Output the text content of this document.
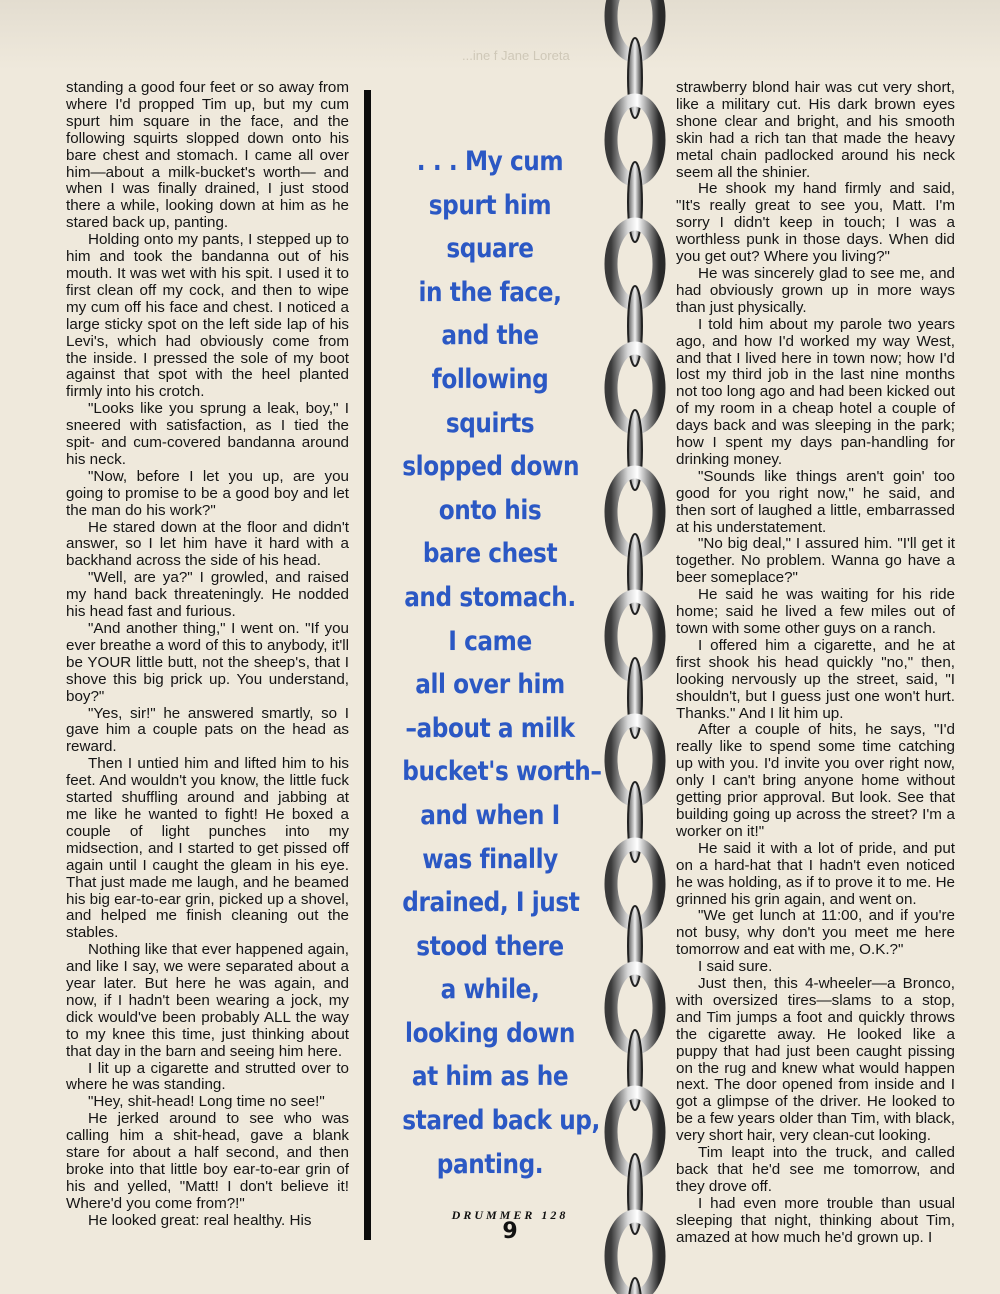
...ine f Jane Loreta

standing a good four feet or so away from where I'd propped Tim up, but my cum spurt him square in the face, and the following squirts slopped down onto his bare chest and stomach. I came all over him—about a milk-bucket's worth— and when I was finally drained, I just stood there a while, looking down at him as he stared back up, panting.

Holding onto my pants, I stepped up to him and took the bandanna out of his mouth. It was wet with his spit. I used it to first clean off my cock, and then to wipe my cum off his face and chest. I noticed a large sticky spot on the left side lap of his Levi's, which had obviously come from the inside. I pressed the sole of my boot against that spot with the heel planted firmly into his crotch.

"Looks like you sprung a leak, boy," I sneered with satisfaction, as I tied the spit- and cum-covered bandanna around his neck.

"Now, before I let you up, are you going to promise to be a good boy and let the man do his work?"

He stared down at the floor and didn't answer, so I let him have it hard with a backhand across the side of his head.

"Well, are ya?" I growled, and raised my hand back threateningly. He nodded his head fast and furious.

"And another thing," I went on. "If you ever breathe a word of this to anybody, it'll be YOUR little butt, not the sheep's, that I shove this big prick up. You understand, boy?"

"Yes, sir!" he answered smartly, so I gave him a couple pats on the head as reward.

Then I untied him and lifted him to his feet. And wouldn't you know, the little fuck started shuffling around and jabbing at me like he wanted to fight! He boxed a couple of light punches into my midsection, and I started to get pissed off again until I caught the gleam in his eye. That just made me laugh, and he beamed his big ear-to-ear grin, picked up a shovel, and helped me finish cleaning out the stables.

Nothing like that ever happened again, and like I say, we were separated about a year later. But here he was again, and now, if I hadn't been wearing a jock, my dick would've been probably ALL the way to my knee this time, just thinking about that day in the barn and seeing him here.

I lit up a cigarette and strutted over to where he was standing.

"Hey, shit-head! Long time no see!"

He jerked around to see who was calling him a shit-head, gave a blank stare for about a half second, and then broke into that little boy ear-to-ear grin of his and yelled, "Matt! I don't believe it! Where'd you come from?!"

He looked great: real healthy. His

. . . My cum
spurt him
square
in the face,
and the
following
squirts
slopped down
onto his
bare chest
and stomach.
I came
all over him
–about a milk
bucket's worth–
and when I
was finally
drained, I just
stood there
a while,
looking down
at him as he
stared back up,
panting.
DRUMMER 128
9

strawberry blond hair was cut very short, like a military cut. His dark brown eyes shone clear and bright, and his smooth skin had a rich tan that made the heavy metal chain padlocked around his neck seem all the shinier.

He shook my hand firmly and said, "It's really great to see you, Matt. I'm sorry I didn't keep in touch; I was a worthless punk in those days. When did you get out? Where you living?"

He was sincerely glad to see me, and had obviously grown up in more ways than just physically.

I told him about my parole two years ago, and how I'd worked my way West, and that I lived here in town now; how I'd lost my third job in the last nine months not too long ago and had been kicked out of my room in a cheap hotel a couple of days back and was sleeping in the park; how I spent my days pan-handling for drinking money.

"Sounds like things aren't goin' too good for you right now," he said, and then sort of laughed a little, embarrassed at his understatement.

"No big deal," I assured him. "I'll get it together. No problem. Wanna go have a beer someplace?"

He said he was waiting for his ride home; said he lived a few miles out of town with some other guys on a ranch.

I offered him a cigarette, and he at first shook his head quickly "no," then, looking nervously up the street, said, "I shouldn't, but I guess just one won't hurt. Thanks." And I lit him up.

After a couple of hits, he says, "I'd really like to spend some time catching up with you. I'd invite you over right now, only I can't bring anyone home without getting prior approval. But look. See that building going up across the street? I'm a worker on it!"

He said it with a lot of pride, and put on a hard-hat that I hadn't even noticed he was holding, as if to prove it to me. He grinned his grin again, and went on.

"We get lunch at 11:00, and if you're not busy, why don't you meet me here tomorrow and eat with me, O.K.?"

I said sure.

Just then, this 4-wheeler—a Bronco, with oversized tires—slams to a stop, and Tim jumps a foot and quickly throws the cigarette away. He looked like a puppy that had just been caught pissing on the rug and knew what would happen next. The door opened from inside and I got a glimpse of the driver. He looked to be a few years older than Tim, with black, very short hair, very clean-cut looking.

Tim leapt into the truck, and called back that he'd see me tomorrow, and they drove off.

I had even more trouble than usual sleeping that night, thinking about Tim, amazed at how much he'd grown up. I
